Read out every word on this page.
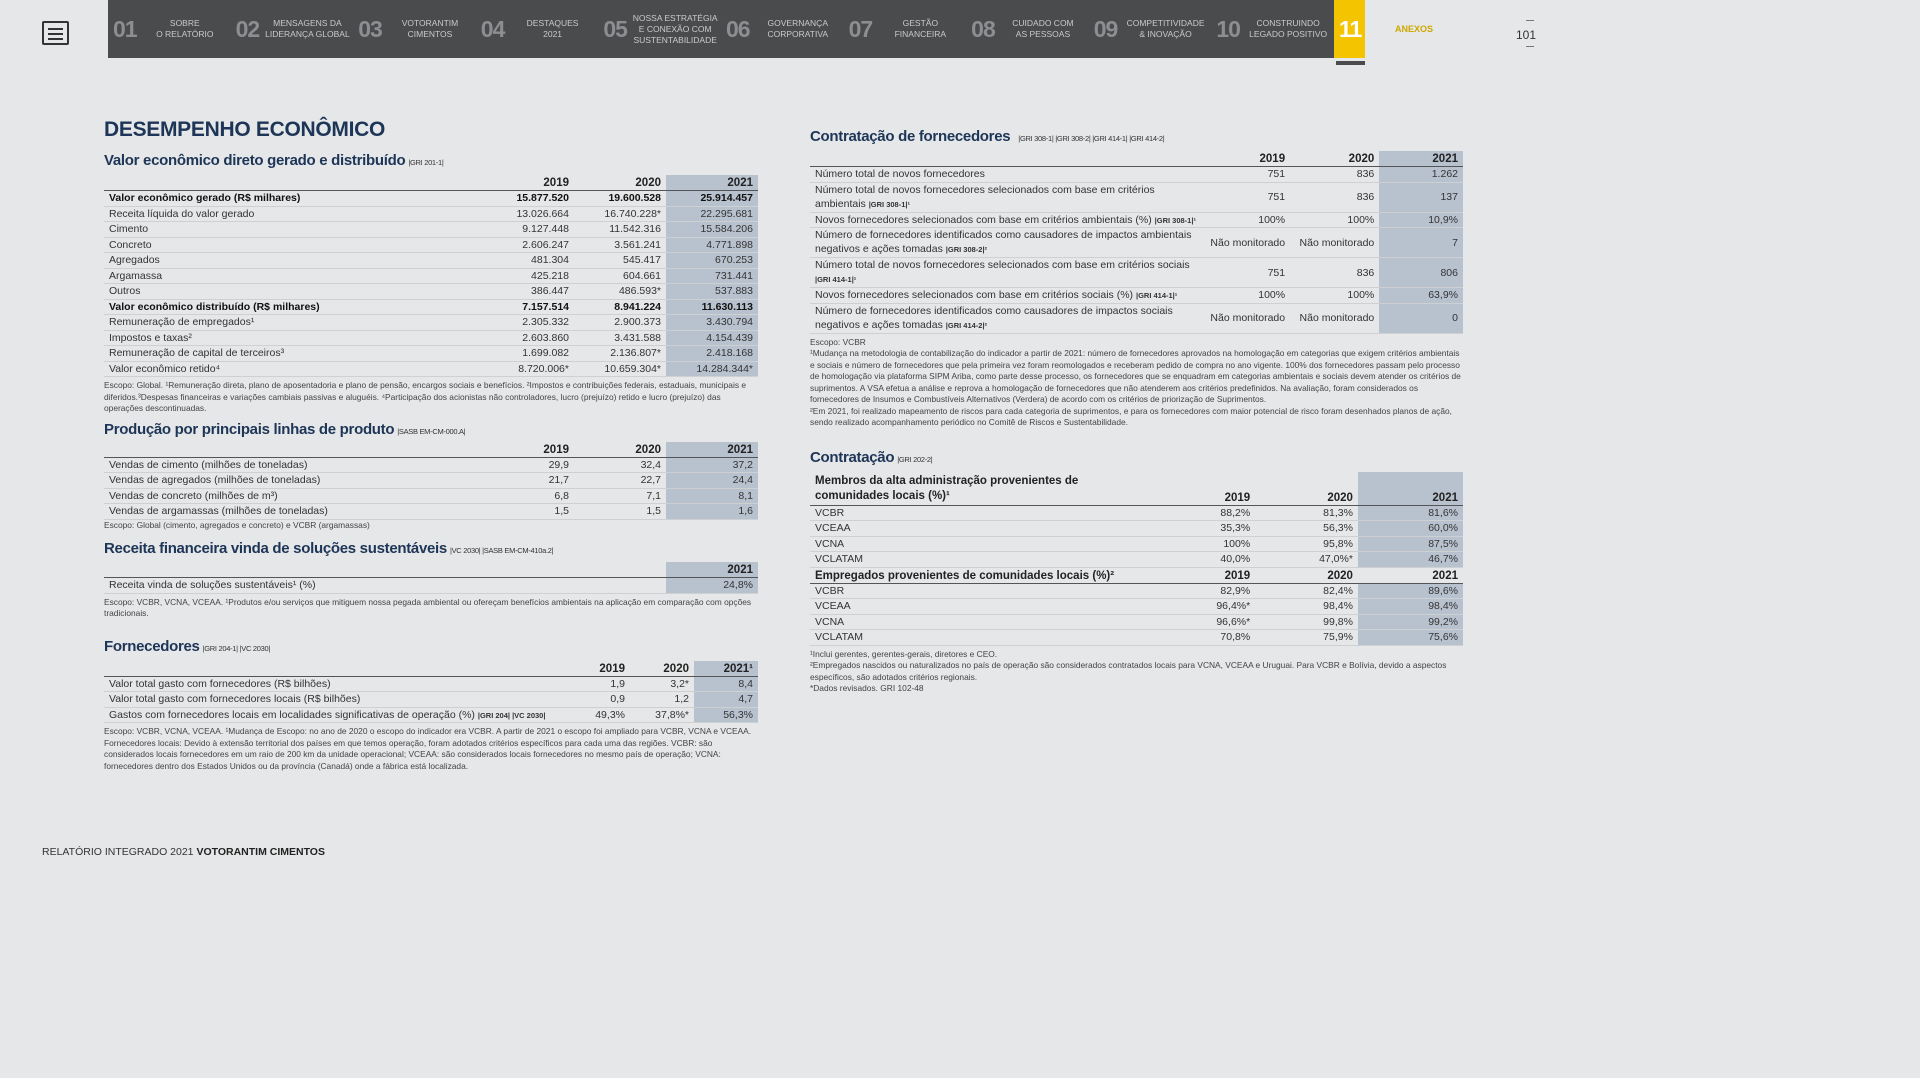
01	SOBRE
O RELATÓRIO 02	MENSAGENS DA
LIDERANÇA GLOBAL 03	VOTORANTIM
CIMENTOS	04	DESTAQUES
2021	05 NOSSA ESTRATÉGIA
E CONEXÃO COM
SUSTENTABILIDADE 06	GOVERNANÇA
CORPORATIVA 07	GESTÃO
FINANCEIRA	08	CUIDADO COM
AS PESSOAS	09	COMPETITIVIDADE
& INOVAÇÃO	10	CONSTRUINDO
LEGADO POSITIVO 11	ANEXOS	101
DESEMPENHO ECONÔMICO
Valor econômico direto gerado e distribuído |GRI 201-1|
	2019	2020	2021
Valor econômico gerado (R$ milhares)	15.877.520	19.600.528	25.914.457
Receita líquida do valor gerado	13.026.664	16.740.228*	22.295.681
Cimento	9.127.448	11.542.316	15.584.206
Concreto	2.606.247	3.561.241	4.771.898
Agregados	481.304	545.417	670.253
Argamassa	425.218	604.661	731.441
Outros	386.447	486.593*	537.883
Valor econômico distribuído (R$ milhares)	7.157.514	8.941.224	11.630.113
Remuneração de empregados¹	2.305.332	2.900.373	3.430.794
Impostos e taxas²	2.603.860	3.431.588	4.154.439
Remuneração de capital de terceiros³	1.699.082	2.136.807*	2.418.168
Valor econômico retido⁴	8.720.006*	10.659.304*	14.284.344*
Escopo: Global. ¹Remuneração direta, plano de aposentadoria e plano de pensão, encargos sociais e benefícios. ²Impostos e contribuições federais, estaduais, municipais e diferidos.³Despesas financeiras e variações cambiais passivas e aluguéis. ⁴Participação dos acionistas não controladores, lucro (prejuízo) retido e lucro (prejuízo) das operações descontinuadas.
Produção por principais linhas de produto |SASB EM-CM-000.A|
	2019	2020	2021
Vendas de cimento (milhões de toneladas)	29,9	32,4	37,2
Vendas de agregados (milhões de toneladas)	21,7	22,7	24,4
Vendas de concreto (milhões de m³)	6,8	7,1	8,1
Vendas de argamassas (milhões de toneladas)	1,5	1,5	1,6
Escopo: Global (cimento, agregados e concreto) e VCBR (argamassas)
Receita financeira vinda de soluções sustentáveis |VC 2030| |SASB EM-CM-410a.2|
	2021
Receita vinda de soluções sustentáveis¹ (%)	24,8%
Escopo: VCBR, VCNA, VCEAA. ¹Produtos e/ou serviços que mitiguem nossa pegada ambiental ou ofereçam benefícios ambientais na aplicação em comparação com opções tradicionais.
Fornecedores |GRI 204-1| |VC 2030|
	2019	2020	2021¹
Valor total gasto com fornecedores (R$ bilhões)	1,9	3,2*	8,4
Valor total gasto com fornecedores locais (R$ bilhões)	0,9	1,2	4,7
Gastos com fornecedores locais em localidades significativas de operação (%) |GRI 204| |VC 2030|	49,3%	37,8%*	56,3%
Escopo: VCBR, VCNA, VCEAA. ¹Mudança de Escopo: no ano de 2020 o escopo do indicador era VCBR. A partir de 2021 o escopo foi ampliado para VCBR, VCNA e VCEAA. Fornecedores locais: Devido à extensão territorial dos países em que temos operação, foram adotados critérios específicos para cada uma das regiões. VCBR: são considerados locais fornecedores em um raio de 200 km da unidade operacional; VCEAA: são considerados locais fornecedores no mesmo país de operação; VCNA: fornecedores dentro dos Estados Unidos ou da província (Canadá) onde a fábrica está localizada.
Contratação de fornecedores |GRI 308-1| |GRI 308-2| |GRI 414-1| |GRI 414-2|
	2019	2020	2021
Número total de novos fornecedores	751	836	1.262
Número total de novos fornecedores selecionados com base em critérios ambientais |GRI 308-1|¹	751	836	137
Novos fornecedores selecionados com base em critérios ambientais (%) |GRI 308-1|¹	100%	100%	10,9%
Número de fornecedores identificados como causadores de impactos ambientais negativos e ações tomadas |GRI 308-2|²	Não monitorado	Não monitorado	7
Número total de novos fornecedores selecionados com base em critérios sociais |GRI 414-1|¹	751	836	806
Novos fornecedores selecionados com base em critérios sociais (%) |GRI 414-1|¹	100%	100%	63,9%
Número de fornecedores identificados como causadores de impactos sociais negativos e ações tomadas |GRI 414-2|²	Não monitorado	Não monitorado	0
Escopo: VCBR
¹Mudança na metodologia de contabilização do indicador a partir de 2021: número de fornecedores aprovados na homologação em categorias que exigem critérios ambientais e sociais e número de fornecedores que pela primeira vez foram reomologados e receberam pedido de compra no ano vigente. 100% dos fornecedores passam pelo processo de homologação via plataforma SIPM Ariba, como parte desse processo, os fornecedores que se enquadram em categorias ambientais e sociais devem atender os critérios de suprimentos. A VSA efetua a análise e reprova a homologação de fornecedores que não atenderem aos critérios predefinidos. Na avaliação, foram considerados os fornecedores de Insumos e Combustíveis Alternativos (Verdera) de acordo com os critérios de priorização de Suprimentos.
²Em 2021, foi realizado mapeamento de riscos para cada categoria de suprimentos, e para os fornecedores com maior potencial de risco foram desenhados planos de ação, sendo realizado acompanhamento periódico no Comitê de Riscos e Sustentabilidade.
Contratação |GRI 202-2|
Membros da alta administração provenientes de comunidades locais (%)¹	2019	2020	2021
VCBR	88,2%	81,3%	81,6%
VCEAA	35,3%	56,3%	60,0%
VCNA	100%	95,8%	87,5%
VCLATAM	40,0%	47,0%*	46,7%
Empregados provenientes de comunidades locais (%)²	2019	2020	2021
VCBR	82,9%	82,4%	89,6%
VCEAA	96,4%*	98,4%	98,4%
VCNA	96,6%*	99,8%	99,2%
VCLATAM	70,8%	75,9%	75,6%
¹Inclui gerentes, gerentes-gerais, diretores e CEO.
²Empregados nascidos ou naturalizados no país de operação são considerados contratados locais para VCNA, VCEAA e Uruguai. Para VCBR e Bolívia, devido a aspectos específicos, são adotados critérios regionais.
*Dados revisados. GRI 102-48
RELATÓRIO INTEGRADO 2021 VOTORANTIM CIMENTOS
